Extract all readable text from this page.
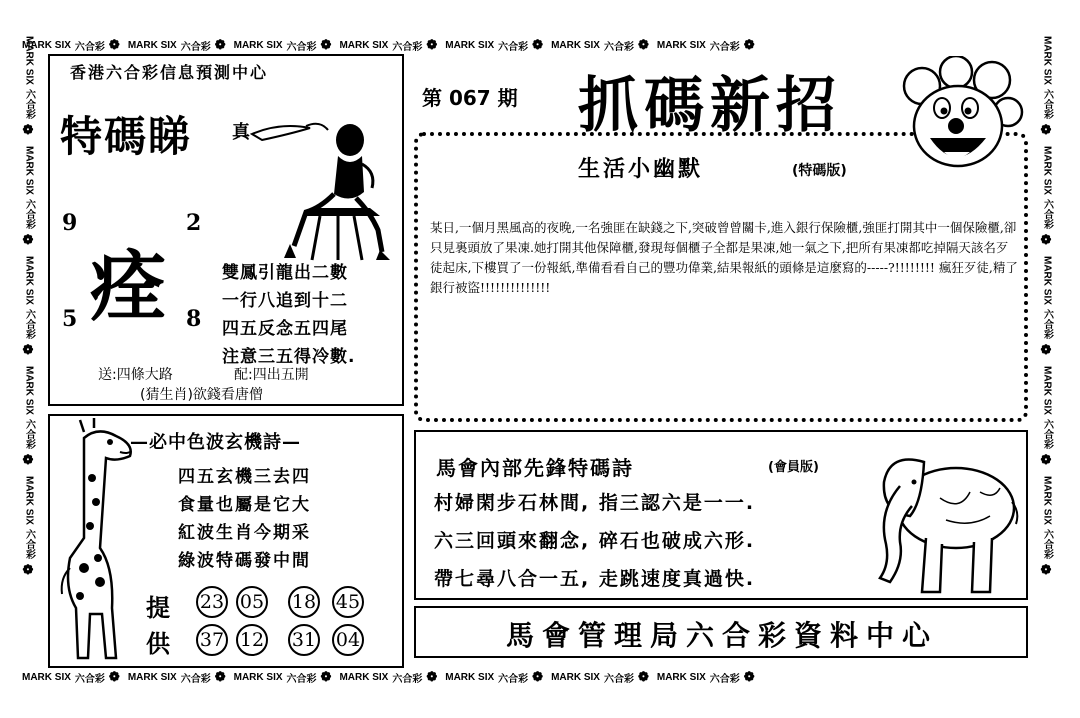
MARK SIX 六合彩 ❁ MARK SIX 六合彩 ❁ MARK SIX 六合彩 ❁ MARK SIX 六合彩 ❁ MARK SIX 六合彩 ❁ MARK SIX 六合彩 ❁ MARK SIX 六合彩 ❁
MARK SIX 六合彩 ❁ MARK SIX 六合彩 ❁ MARK SIX 六合彩 ❁ MARK SIX 六合彩 ❁ MARK SIX 六合彩 ❁ MARK SIX 六合彩 ❁ MARK SIX 六合彩 ❁
MARK SIX
六合彩
❁
MARK SIX
六合彩
❁
MARK SIX
六合彩
❁
MARK SIX
六合彩
❁
MARK SIX
六合彩
❁
MARK SIX
六合彩
❁
MARK SIX
六合彩
❁
MARK SIX
六合彩
❁
MARK SIX
六合彩
❁
MARK SIX
六合彩
❁
香港六合彩信息預測中心
特碼睇 真
9	2
5	8
痊	雙鳳引龍出二數
一行八追到十二
四五反念五四尾
注意三五得冷數.
送:四條大路	配:四出五開
(猜生肖)欲錢看唐僧
—必中色波玄機詩—
四五玄機三去四
食量也屬是它大
紅波生肖今期采
綠波特碼發中間
提
供
23 05 18 45
37 12 31 04
第 067 期 抓碼新招
生活小幽默	(特碼版)
某日,一個月黑風高的夜晚,一名強匪在缺錢之下,突破曾曾關卡,進入銀行保險櫃,強匪打開其中一個保險櫃,卻只見裏頭放了果凍.她打開其他保障櫃,發現每個櫃子全都是果凍,她一氣之下,把所有果凍都吃掉隔天該名歹徒起床,下樓買了一份報紙,準備看看自己的豐功偉業,結果報紙的頭條是這麼寫的-----?!!!!!!!! 瘋狂歹徒,精了銀行被盜!!!!!!!!!!!!!!
馬會內部先鋒特碼詩	(會員版)
村婦閑步石林間, 指三認六是一一.
六三回頭來翻念, 碎石也破成六形.
帶七尋八合一五, 走跳速度真過快.
馬會管理局六合彩資料中心
